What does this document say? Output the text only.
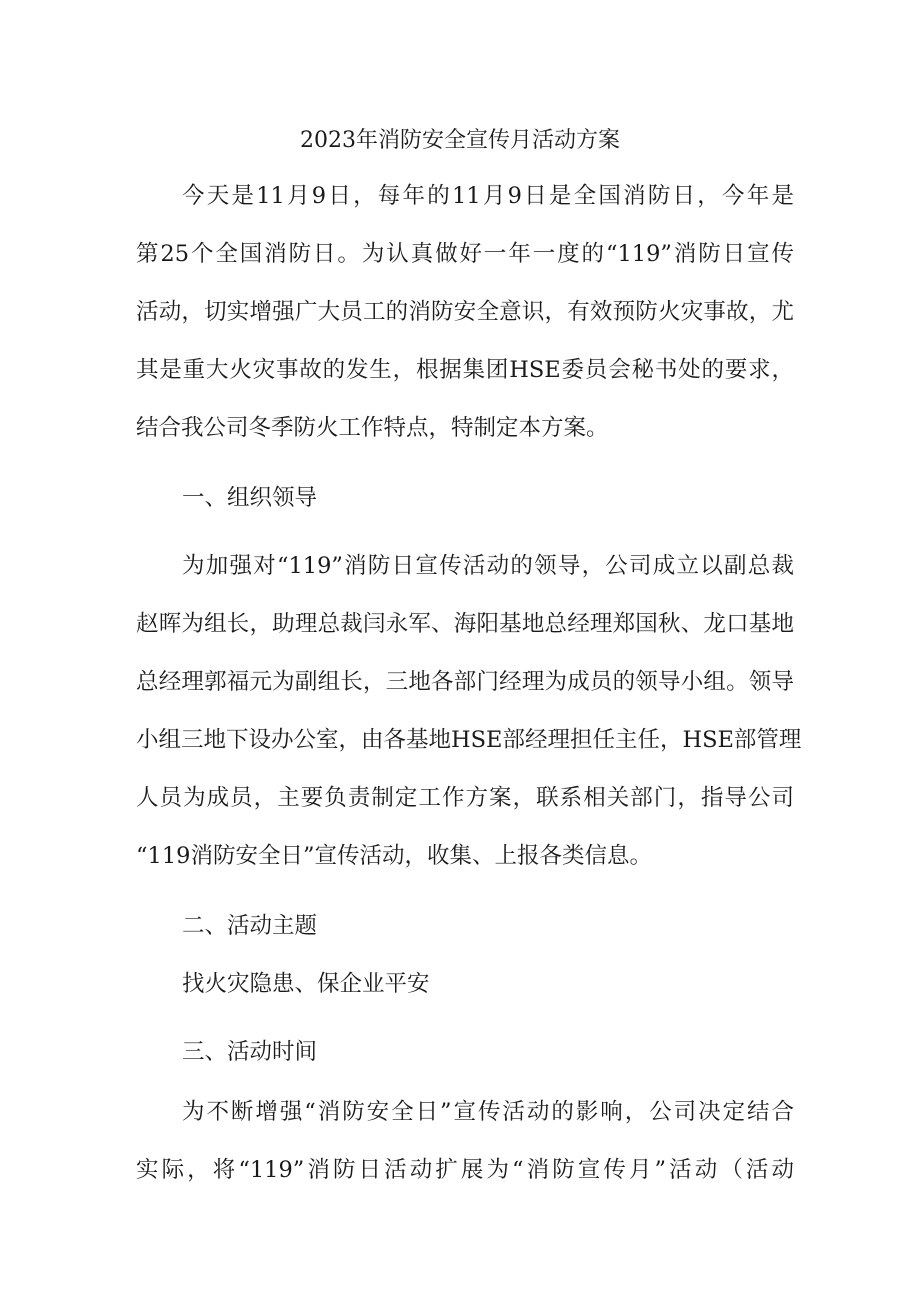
2023年消防安全宣传月活动方案
今天是11月9日，每年的11月9日是全国消防日，今年是
第25个全国消防日。为认真做好一年一度的“119”消防日宣传
活动，切实增强广大员工的消防安全意识，有效预防火灾事故，尤
其是重大火灾事故的发生，根据集团HSE委员会秘书处的要求，
结合我公司冬季防火工作特点，特制定本方案。
一、组织领导
为加强对“119”消防日宣传活动的领导，公司成立以副总裁
赵晖为组长，助理总裁闫永军、海阳基地总经理郑国秋、龙口基地
总经理郭福元为副组长，三地各部门经理为成员的领导小组。领导
小组三地下设办公室，由各基地HSE部经理担任主任，HSE部管理
人员为成员，主要负责制定工作方案，联系相关部门，指导公司
“119消防安全日”宣传活动，收集、上报各类信息。
二、活动主题
找火灾隐患、保企业平安
三、活动时间
为不断增强“消防安全日”宣传活动的影响，公司决定结合
实际，将“119”消防日活动扩展为“消防宣传月”活动（活动
